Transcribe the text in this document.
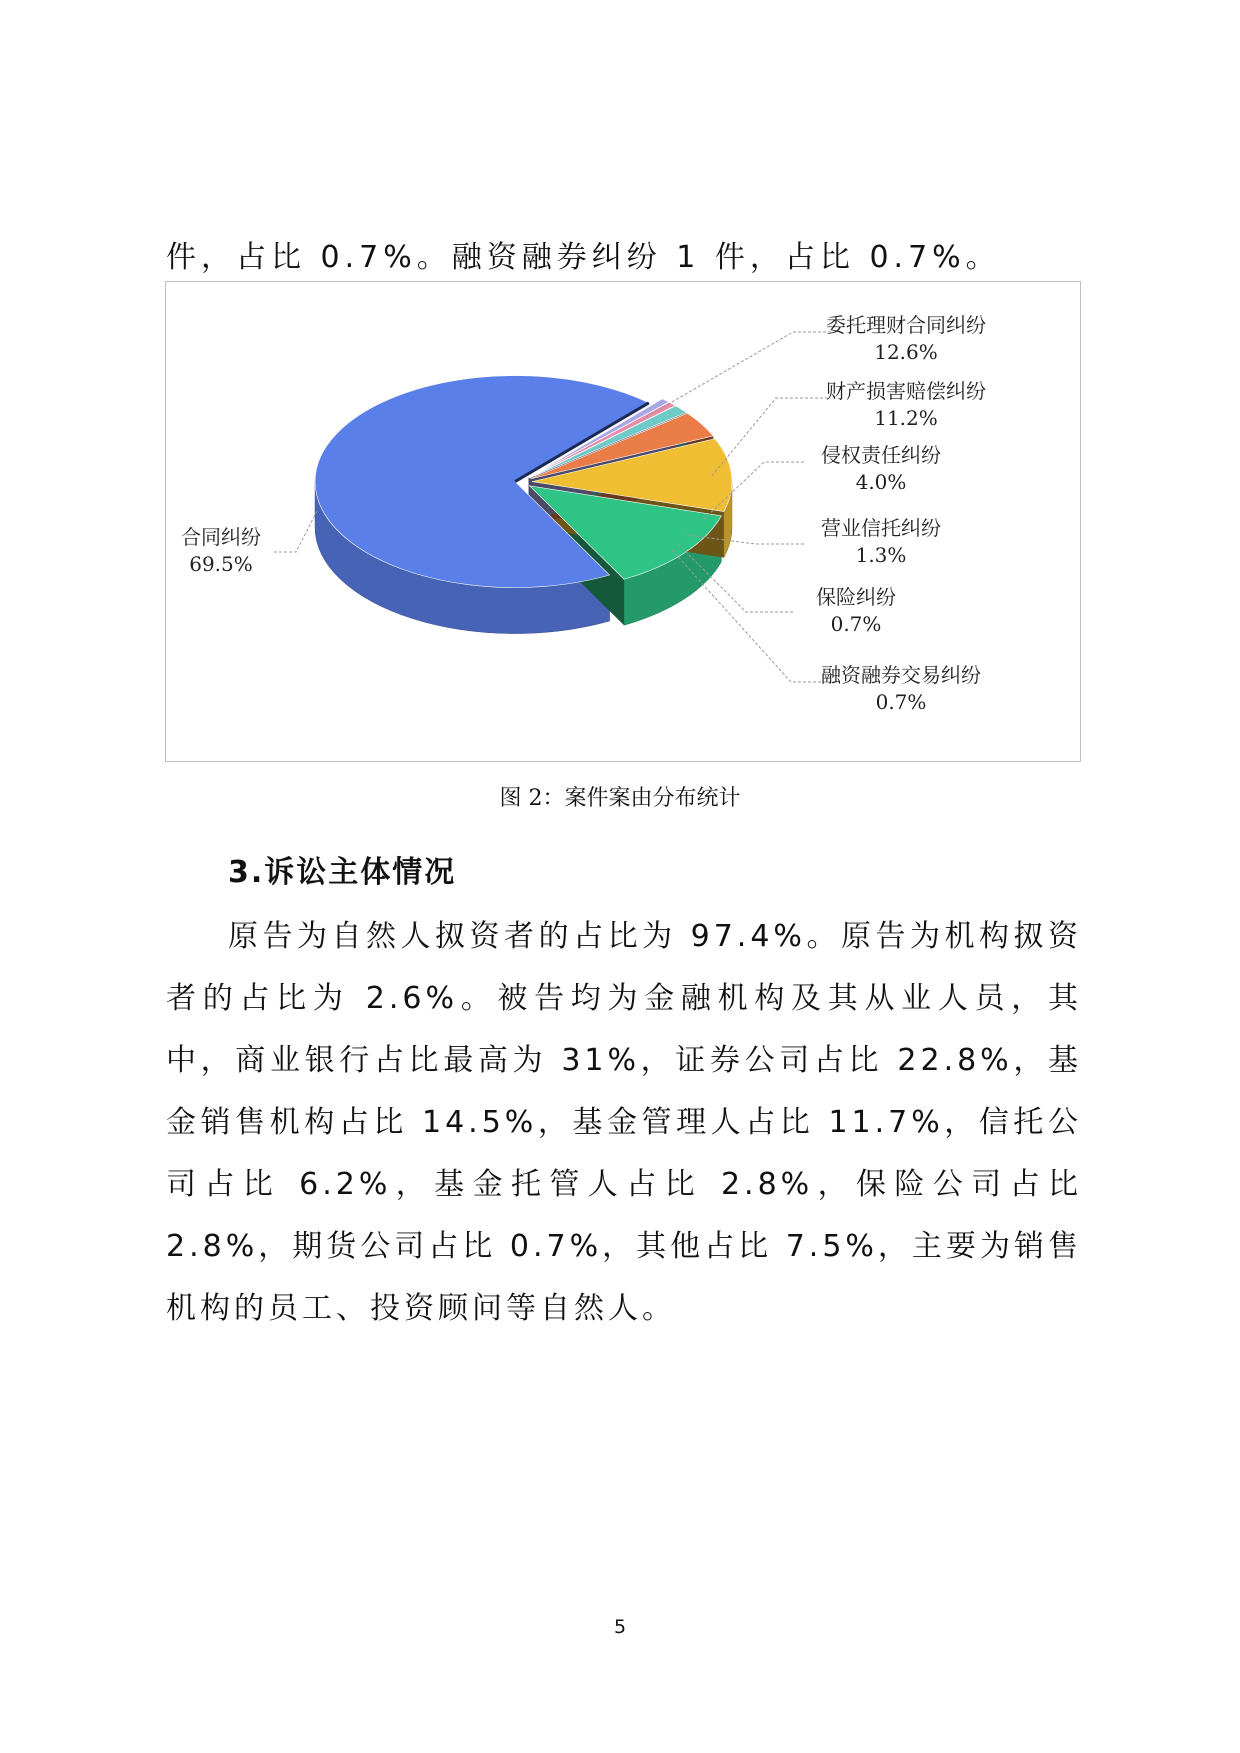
件，占比 0.7%。融资融券纠纷 1 件，占比 0.7%。

合同纠纷
69.5%
委托理财合同纠纷
12.6%
财产损害赔偿纠纷
11.2%
侵权责任纠纷
4.0%
营业信托纠纷
1.3%
保险纠纷
0.7%
融资融券交易纠纷
0.7%

图 2：案件案由分布统计

3.诉讼主体情况

原告为自然人㧐资者的占比为 97.4%。原告为机构㧐资者的占比为 2.6%。被告均为金融机构及其从业人员，其中，商业银行占比最高为 31%，证券公司占比 22.8%，基金销售机构占比 14.5%，基金管理人占比 11.7%，信托公司占比 6.2%，基金托管人占比 2.8%，保险公司占比 2.8%，期货公司占比 0.7%，其他占比 7.5%，主要为销售机构的员工、投资顾问等自然人。

5
